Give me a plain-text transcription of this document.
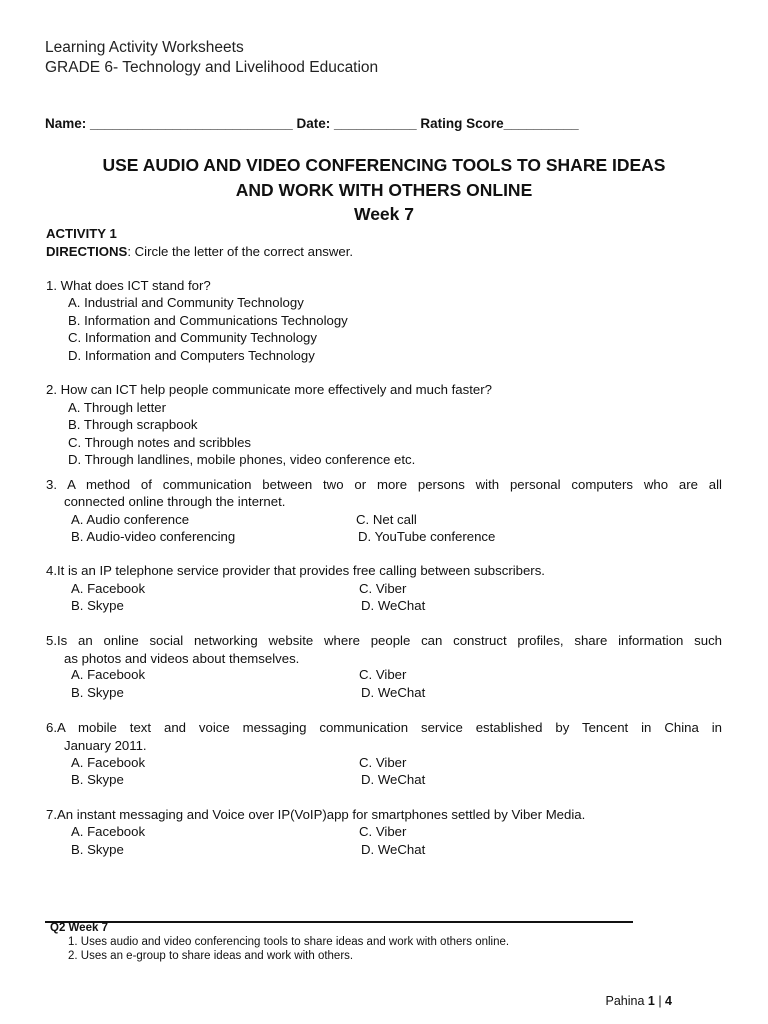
Learning Activity Worksheets
GRADE 6- Technology and Livelihood Education
Name: ___________________________ Date: ___________ Rating Score__________
USE AUDIO AND VIDEO CONFERENCING TOOLS TO SHARE IDEAS
AND WORK WITH OTHERS ONLINE
Week 7
ACTIVITY 1
DIRECTIONS: Circle the letter of the correct answer.
1. What does ICT stand for?
A. Industrial and Community Technology
B. Information and Communications Technology
C. Information and Community Technology
D. Information and Computers Technology
2. How can ICT help people communicate more effectively and much faster?
A. Through letter
B. Through scrapbook
C. Through notes and scribbles
D. Through landlines, mobile phones, video conference etc.
3. A method of communication between two or more persons with personal computers who are all
connected online through the internet.
A. Audio conference	C. Net call
B. Audio-video conferencing	D. YouTube conference
4.It is an IP telephone service provider that provides free calling between subscribers.
A. Facebook	C. Viber
B. Skype	D. WeChat
5.Is an online social networking website where people can construct profiles, share information such
as photos and videos about themselves.
A. Facebook	C. Viber
B. Skype	D. WeChat
6.A mobile text and voice messaging communication service established by Tencent in China in
January 2011.
A. Facebook	C. Viber
B. Skype	D. WeChat
7.An instant messaging and Voice over IP(VoIP)app for smartphones settled by Viber Media.
A. Facebook	C. Viber
B. Skype	D. WeChat
Q2 Week 7
1. Uses audio and video conferencing tools to share ideas and work with others online.
2. Uses an e-group to share ideas and work with others.
Pahina 1 | 4
